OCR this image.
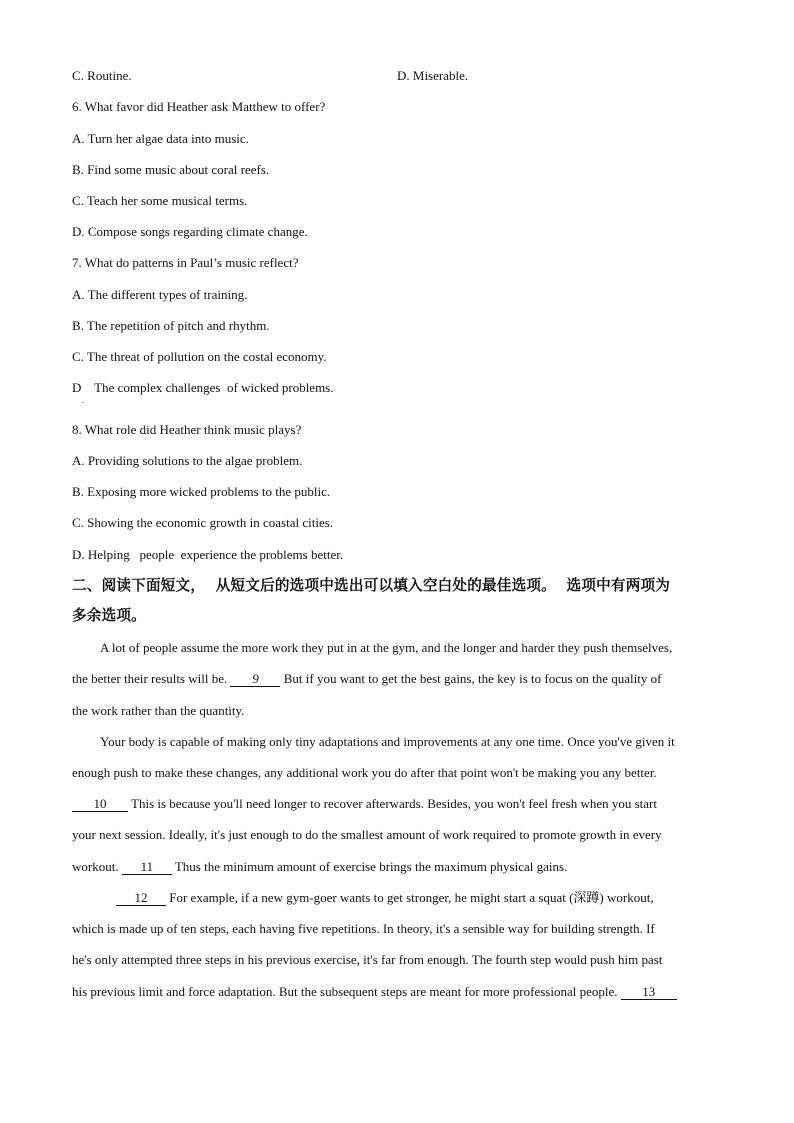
C. Routine.	D. Miserable.
6. What favor did Heather ask Matthew to offer?
A. Turn her algae data into music.
B. Find some music about coral reefs.
C. Teach her some musical terms.
D. Compose songs regarding climate change.
7. What do patterns in Paul’s music reflect?
A. The different types of training.
B. The repetition of pitch and rhythm.
C. The threat of pollution on the costal economy.
D    The complex challenges  of wicked problems.
.
8. What role did Heather think music plays?
A. Providing solutions to the algae problem.
B. Exposing more wicked problems to the public.
C. Showing the economic growth in coastal cities.
D. Helping   people  experience the problems better.
二、阅读下面短文，  从短文后的选项中选出可以填入空白处的最佳选项。  选项中有两项为
多余选项。
A lot of people assume the more work they put in at the gym, and the longer and harder they push themselves,
the better their results will be. 9 But if you want to get the best gains, the key is to focus on the quality of
the work rather than the quantity.
Your body is capable of making only tiny adaptations and improvements at any one time. Once you've given it
enough push to make these changes, any additional work you do after that point won't be making you any better.
10 This is because you'll need longer to recover afterwards. Besides, you won't feel fresh when you start
your next session. Ideally, it's just enough to do the smallest amount of work required to promote growth in every
workout. 11 Thus the minimum amount of exercise brings the maximum physical gains.
12 For example, if a new gym-goer wants to get stronger, he might start a squat (深蹲) workout,
which is made up of ten steps, each having five repetitions. In theory, it's a sensible way for building strength. If
he's only attempted three steps in his previous exercise, it's far from enough. The fourth step would push him past
his previous limit and force adaptation. But the subsequent steps are meant for more professional people. 13
